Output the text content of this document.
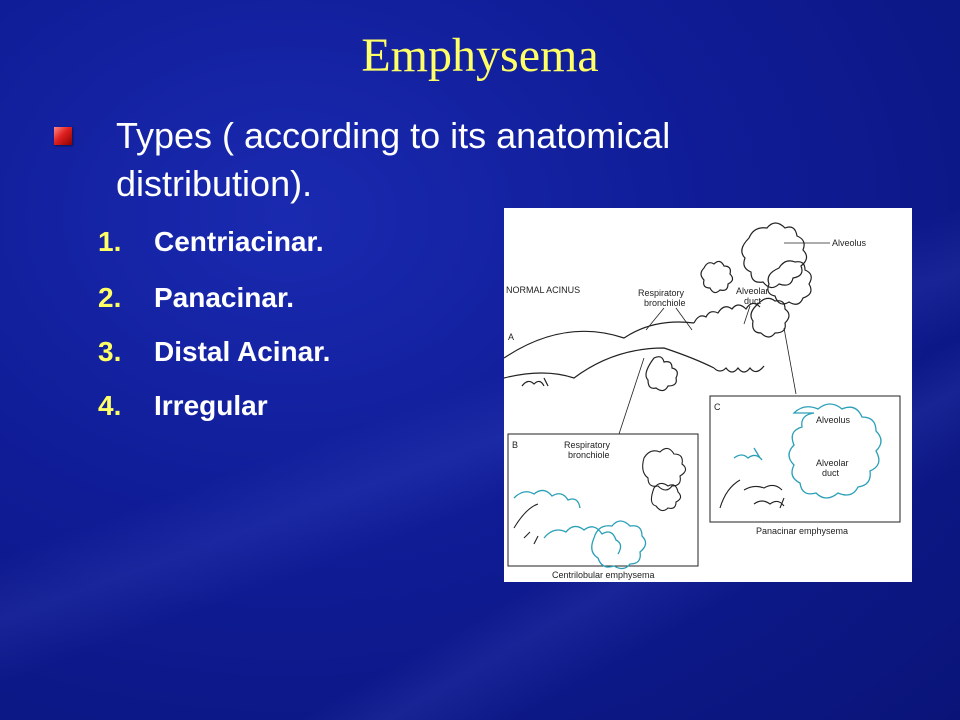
Emphysema
Types ( according to its anatomical distribution).
1. Centriacinar.
2. Panacinar.
3. Distal Acinar.
4. Irregular
NORMAL ACINUS
A
Respiratory
bronchiole
Alveolar
duct
Alveolus
B	Respiratory
bronchiole
Centrilobular emphysema
C
Alveolus
Alveolar
duct
Panacinar emphysema
